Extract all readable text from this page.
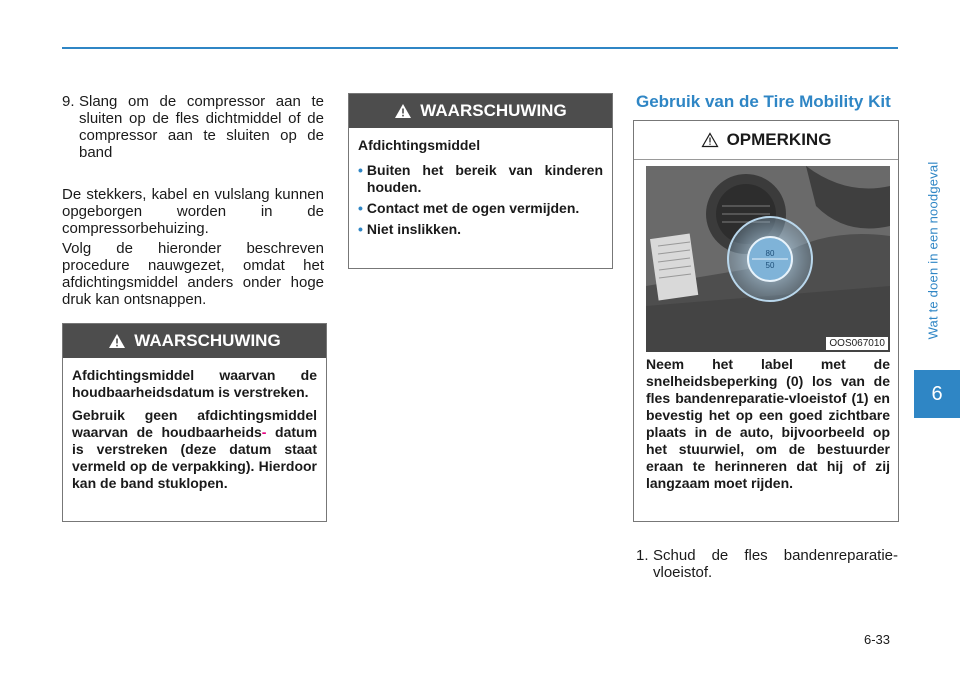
Wat te doen in een noodgeval
6
9. Slang om de compressor aan te sluiten op de fles dichtmiddel of de compressor aan te sluiten op de band
De stekkers, kabel en vulslang kunnen opgeborgen worden in de compressorbehuizing.
Volg de hieronder beschreven procedure nauwgezet, omdat het afdichtingsmiddel anders onder hoge druk kan ontsnappen.
WAARSCHUWING

Afdichtingsmiddel waarvan de houdbaarheidsdatum is verstreken.

Gebruik geen afdichtingsmiddel waarvan de houdbaarheids- datum is verstreken (deze datum staat vermeld op de verpakking). Hierdoor kan de band stuklopen.

WAARSCHUWING

Afdichtingsmiddel

• Buiten het bereik van kinderen houden.
• Contact met de ogen vermijden.
• Niet inslikken.
Gebruik van de Tire Mobility Kit
OPMERKING
80
50
OOS067010
Neem het label met de snelheidsbeperking (0) los van de fles bandenreparatie-vloeistof (1) en bevestig het op een goed zichtbare plaats in de auto, bijvoorbeeld op het stuurwiel, om de bestuurder eraan te herinneren dat hij of zij langzaam moet rijden.
1. Schud de fles bandenreparatie-vloeistof.
6-33
